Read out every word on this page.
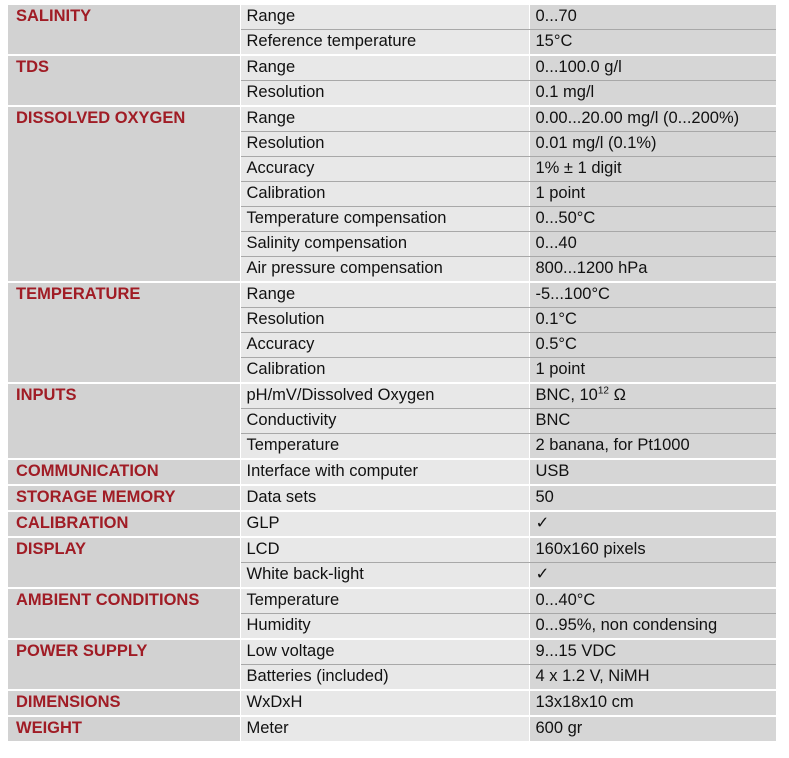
SALINITY	Range	0...70
	Reference temperature	15°C
TDS	Range	0...100.0 g/l
	Resolution	0.1 mg/l
DISSOLVED OXYGEN	Range	0.00...20.00 mg/l (0...200%)
	Resolution	0.01 mg/l (0.1%)
	Accuracy	1% ± 1 digit
	Calibration	1 point
	Temperature compensation	0...50°C
	Salinity compensation	0...40
	Air pressure compensation	800...1200 hPa
TEMPERATURE	Range	-5...100°C
	Resolution	0.1°C
	Accuracy	0.5°C
	Calibration	1 point
INPUTS	pH/mV/Dissolved Oxygen	BNC, $10^{12}$ Ω
	Conductivity	BNC
	Temperature	2 banana, for Pt1000
COMMUNICATION	Interface with computer	USB
STORAGE MEMORY	Data sets	50
CALIBRATION	GLP	✓
DISPLAY	LCD	160x160 pixels
	White back-light	✓
AMBIENT CONDITIONS	Temperature	0...40°C
	Humidity	0...95%, non condensing
POWER SUPPLY	Low voltage	9...15 VDC
	Batteries (included)	4 x 1.2 V, NiMH
DIMENSIONS	WxDxH	13x18x10 cm
WEIGHT	Meter	600 gr
